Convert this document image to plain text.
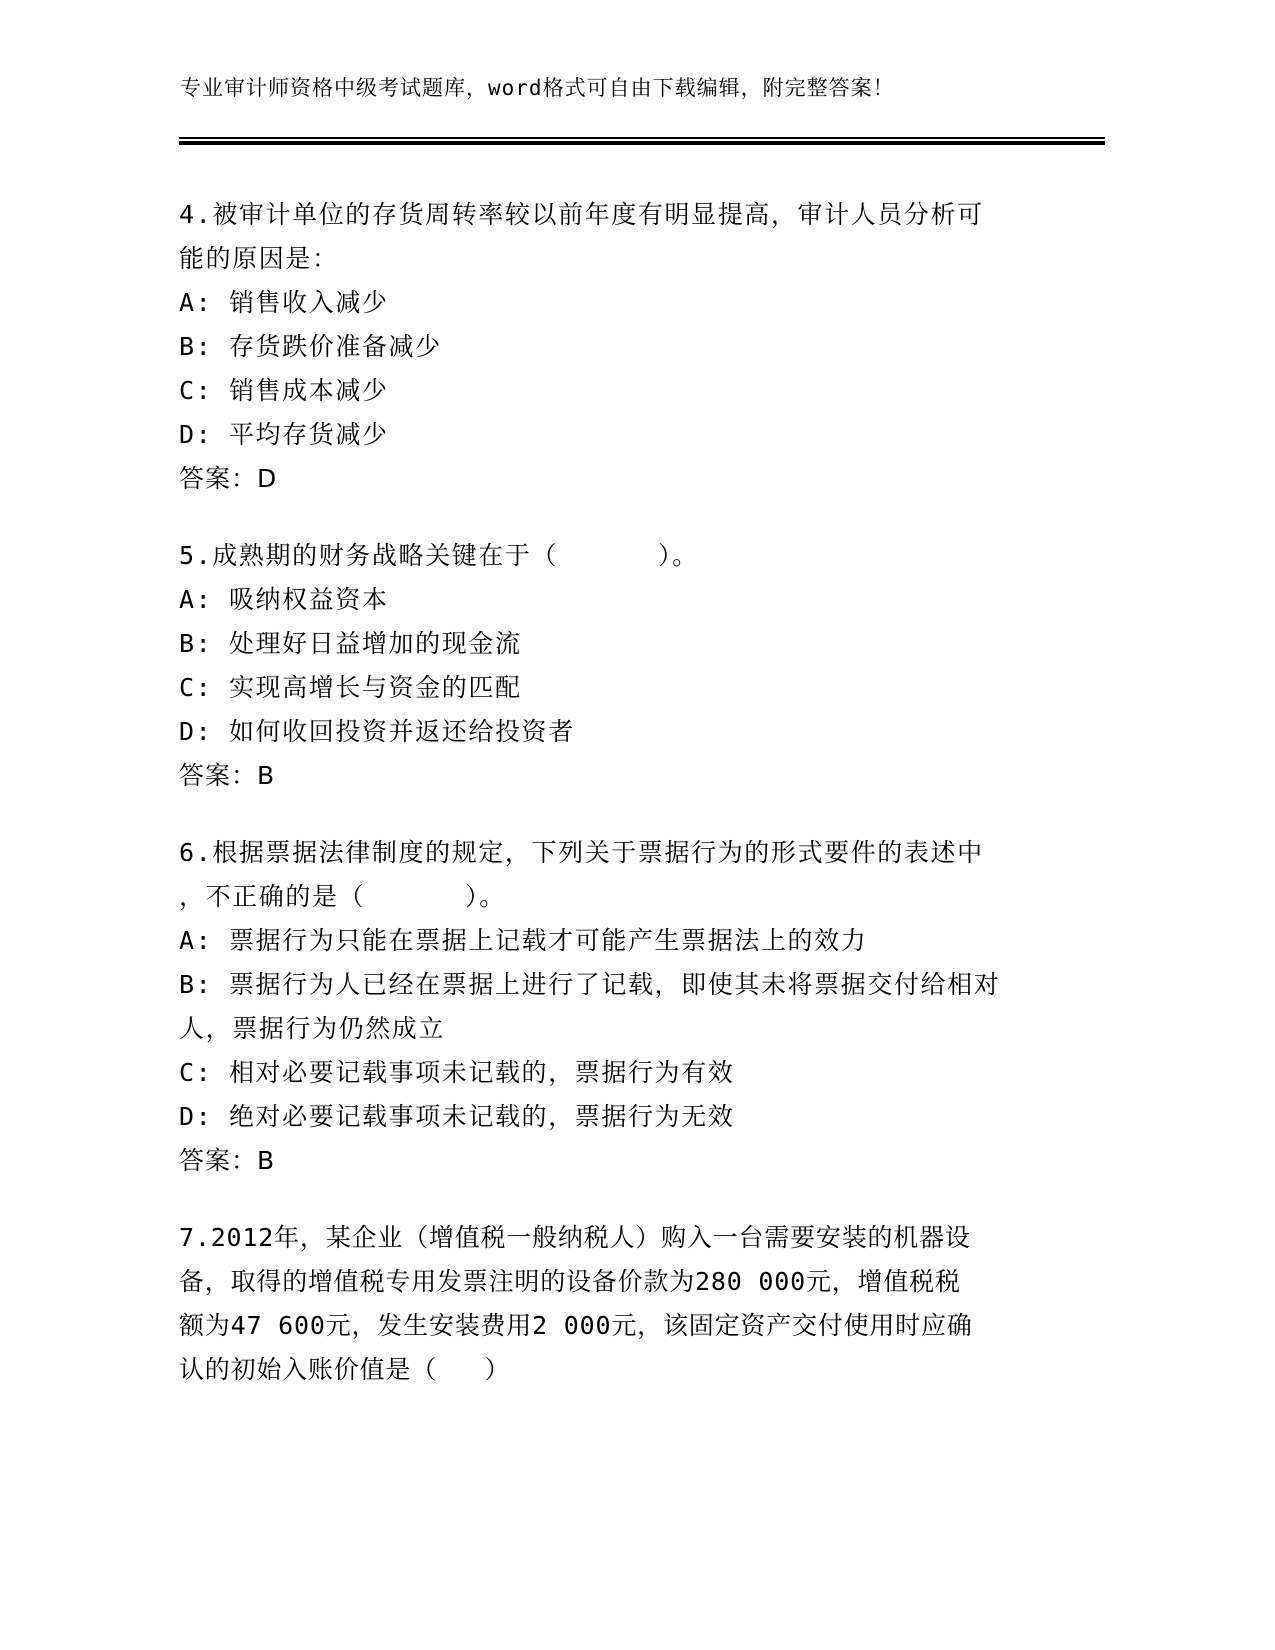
专业审计师资格中级考试题库，word格式可自由下载编辑，附完整答案！
4.被审计单位的存货周转率较以前年度有明显提高，审计人员分析可
能的原因是：
A: 销售收入减少
B: 存货跌价准备减少
C: 销售成本减少
D: 平均存货减少
答案：D
5.成熟期的财务战略关键在于（      ）。
A: 吸纳权益资本
B: 处理好日益增加的现金流
C: 实现高增长与资金的匹配
D: 如何收回投资并返还给投资者
答案：B
6.根据票据法律制度的规定，下列关于票据行为的形式要件的表述中
，不正确的是（      ）。
A: 票据行为只能在票据上记载才可能产生票据法上的效力
B: 票据行为人已经在票据上进行了记载，即使其未将票据交付给相对
人，票据行为仍然成立
C: 相对必要记载事项未记载的，票据行为有效
D: 绝对必要记载事项未记载的，票据行为无效
答案：B
7.2012年，某企业（增值税一般纳税人）购入一台需要安装的机器设
备，取得的增值税专用发票注明的设备价款为280 000元，增值税税
额为47 600元，发生安装费用2 000元，该固定资产交付使用时应确
认的初始入账价值是（   ）
